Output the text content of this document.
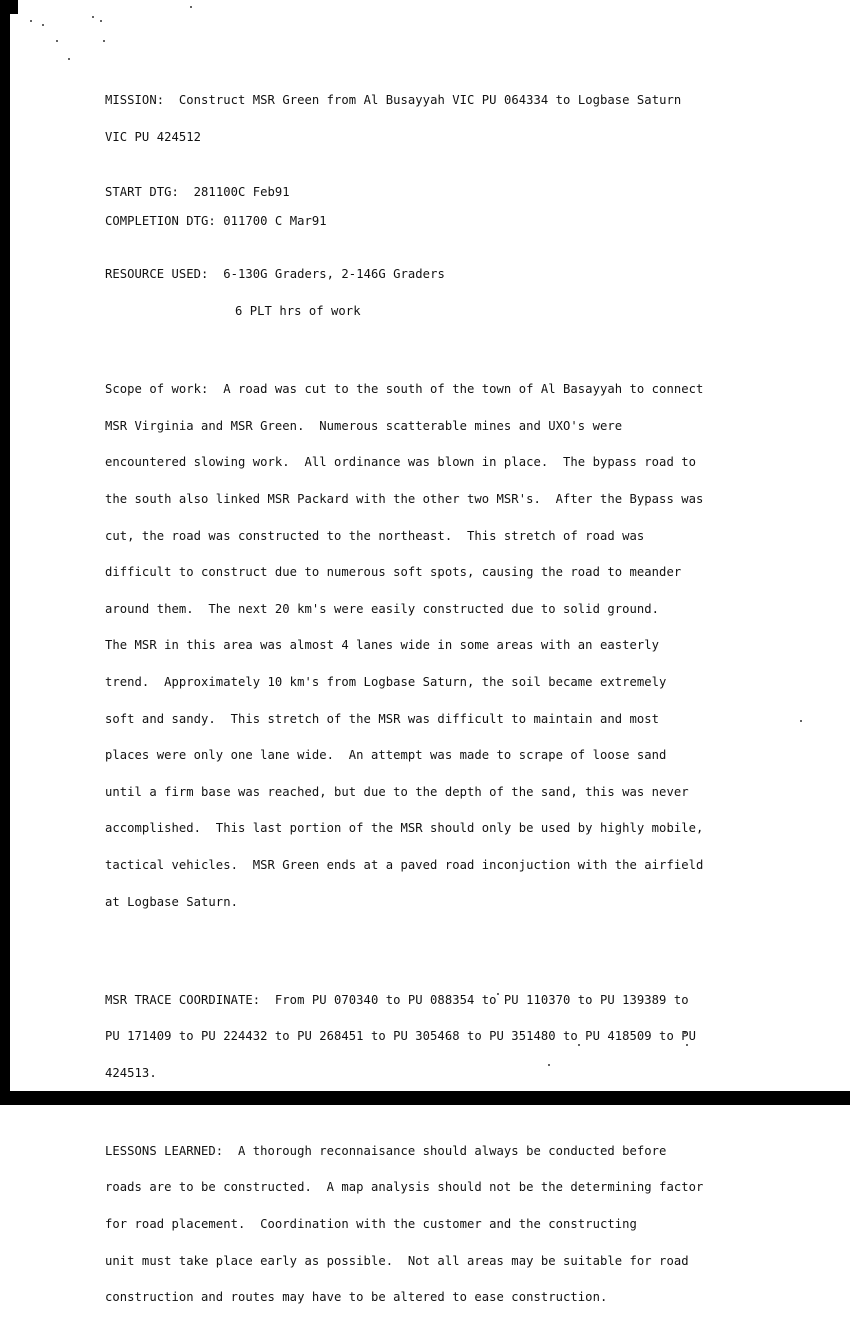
MISSION: Construct MSR Green from Al Busayyah VIC PU 064334 to Logbase Saturn

VIC PU 424512

START DTG: 281100C Feb91
COMPLETION DTG: 011700 C Mar91

RESOURCE USED: 6-130G Graders, 2-146G Graders

6 PLT hrs of work

Scope of work:  A road was cut to the south of the town of Al Basayyah to connect

MSR Virginia and MSR Green.  Numerous scatterable mines and UXO's were

encountered slowing work.  All ordinance was blown in place.  The bypass road to

the south also linked MSR Packard with the other two MSR's.  After the Bypass was

cut, the road was constructed to the northeast.  This stretch of road was

difficult to construct due to numerous soft spots, causing the road to meander

around them.  The next 20 km's were easily constructed due to solid ground.

The MSR in this area was almost 4 lanes wide in some areas with an easterly

trend.  Approximately 10 km's from Logbase Saturn, the soil became extremely

soft and sandy.  This stretch of the MSR was difficult to maintain and most

places were only one lane wide.  An attempt was made to scrape of loose sand

until a firm base was reached, but due to the depth of the sand, this was never

accomplished.  This last portion of the MSR should only be used by highly mobile,

tactical vehicles.  MSR Green ends at a paved road inconjuction with the airfield

at Logbase Saturn.

MSR TRACE COORDINATE:  From PU 070340 to PU 088354 to PU 110370 to PU 139389 to

PU 171409 to PU 224432 to PU 268451 to PU 305468 to PU 351480 to PU 418509 to PU

424513.

LESSONS LEARNED:  A thorough reconnaisance should always be conducted before

roads are to be constructed.  A map analysis should not be the determining factor

for road placement.  Coordination with the customer and the constructing

unit must take place early as possible.  Not all areas may be suitable for road

construction and routes may have to be altered to ease construction.
